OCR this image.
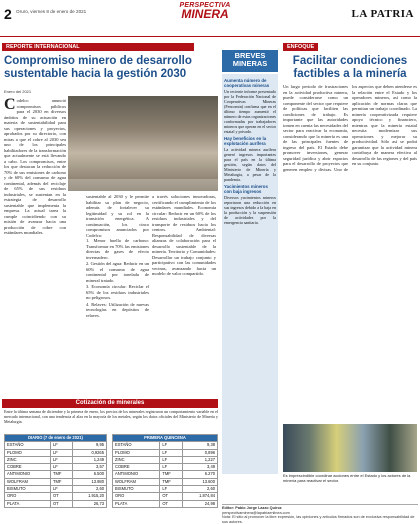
2 Oruro, viernes 8 de enero de 2021
PERSPECTIVA
MINERA	LA PATRIA
REPORTE INTERNACIONAL
Compromiso minero de desarrollo sustentable hacia la gestión 2030
Enero del 2021
C odelco anunció compromisos públicos para el 2030 en diversos ámbitos de su actuación en materia de sustentabilidad para sus operaciones y proyectos, aprobados por su directorio, con miras a que el cobre al 2030 sea uno de los principales habilitadores de la transformación que actualmente se está llevando a cabo. Los compromisos, entre los que destacan la reducción de 70% de sus emisiones de carbono y de 60% del consumo de agua continental, además del reciclaje de 65% de sus residuos industriales, se sustentan en la estrategia de desarrollo sustentable que implementa la empresa. La actual tarea la cumple coincidiendo con su misión de avanzar hacia una producción de cobre con estándares mundiales.
sustentable al 2030 y le permite habilitar su plan de negocio, además de fortalecer su legitimidad y su rol en la transición energética. A continuación, los cinco compromisos anunciados por Codelco:
1. Menor huella de carbono: Transformar en 70% las emisiones directas de gases de efecto invernadero.
2. Gestión del agua: Reducir en un 60% el consumo de agua continental por tonelada de mineral tratado.
3. Economía circular: Reciclar el 65% de los residuos industriales no peligrosos.
4. Relaves: Utilización de nuevas tecnologías en depósitos de relaves.
a través soluciones innovadoras, certificando el cumplimiento de los estándares mundiales. Economía circular: Reducir en un 60% de los residuos industriales y del transporte de residuos hacia los centros. Ambiental: Responsabilidad de diversas alianzas de colaboración para el desarrollo sustentable de la minería. Territorio y Comunidades: Desarrollar un trabajo conjunto y participativo con las comunidades vecinas, avanzando hacia un modelo de valor compartido.
BREVES
MINERAS
Aumenta número de cooperativas mineras
Un reciente informe presentado por la Federación Nacional de Cooperativas Mineras (Fencomin) confirma que en el último tiempo aumentó el número de estas organizaciones conformadas por trabajadores mineros que operan en el sector estatal y privado.
Hay beneficios en la explotación aurífera
La actividad minera aurífera generó ingresos importantes para el país en la última gestión, según datos del Ministerio de Minería y Metalurgia, a pesar de la pandemia.
Yacimientos mineros con baja ingresos
Diversos yacimientos mineros reportaron una reducción en sus ingresos debido a la baja en la producción y la suspensión de actividades por la emergencia sanitaria.
ENFOQUE
Facilitar condiciones factibles a la minería
Un largo periodo de frustraciones en la actividad productiva minera, puede considerarse como un componente del sector que requiere de políticas que faciliten las condiciones de trabajo. Es importante que las autoridades tomen en cuenta las necesidades del sector para reactivar la economía, considerando que la minería es una de las principales fuentes de ingreso del país. El Estado debe promover inversiones, generar seguridad jurídica y abrir espacios para el desarrollo de proyectos que generen empleo y divisas. Uno de los aspectos que deben atenderse es la relación entre el Estado y los operadores mineros, así como la aplicación de normas claras que permitan un trabajo coordinado. La minería cooperativizada requiere apoyo técnico y financiero, mientras que la minería estatal necesita modernizar sus operaciones y mejorar su productividad. Sólo así se podrá garantizar que la actividad minera contribuya de manera efectiva al desarrollo de las regiones y del país en su conjunto.
Es imprescindible coordinar acciones entre el Estado y los actores de la minería para reactivar el sector.
Cotización de minerales
Entre la última semana de diciembre y la primera de enero, los precios de los minerales registraron un comportamiento variable en el mercado internacional, con una tendencia al alza en la mayoría de los metales, según los datos oficiales del Ministerio de Minería y Metalurgia.
DIARIO (7 de enero de 2021)		
ESTAÑO	LF	9,95
PLOMO	LF	0,9265
ZINC	LF	1,249
COBRE	LF	3,57
ANTIMONIO	TMF	6.500
WOLFRAM	TMF	13.980
BISMUTO	LF	2,60
ORO	OT	1.915,20
PLATA	OT	26,73
PRIMERA QUINCENA		
ESTAÑO	LF	9,38
PLOMO	LF	0,896
ZINC	LF	1,227
COBRE	LF	3,49
ANTIMONIO	TMF	6.270
WOLFRAM	TMF	13.600
BISMUTO	LF	2,60
ORO	OT	1.874,84
PLATA	OT	24,98
Editor: Pablo Jorge Lazzo Quiroz
perspectivaminera@lapatriaenlinea.com
Nota: El sitio al promover la libre expresión, las opiniones y artículos firmados son de exclusiva responsabilidad de sus autores.
